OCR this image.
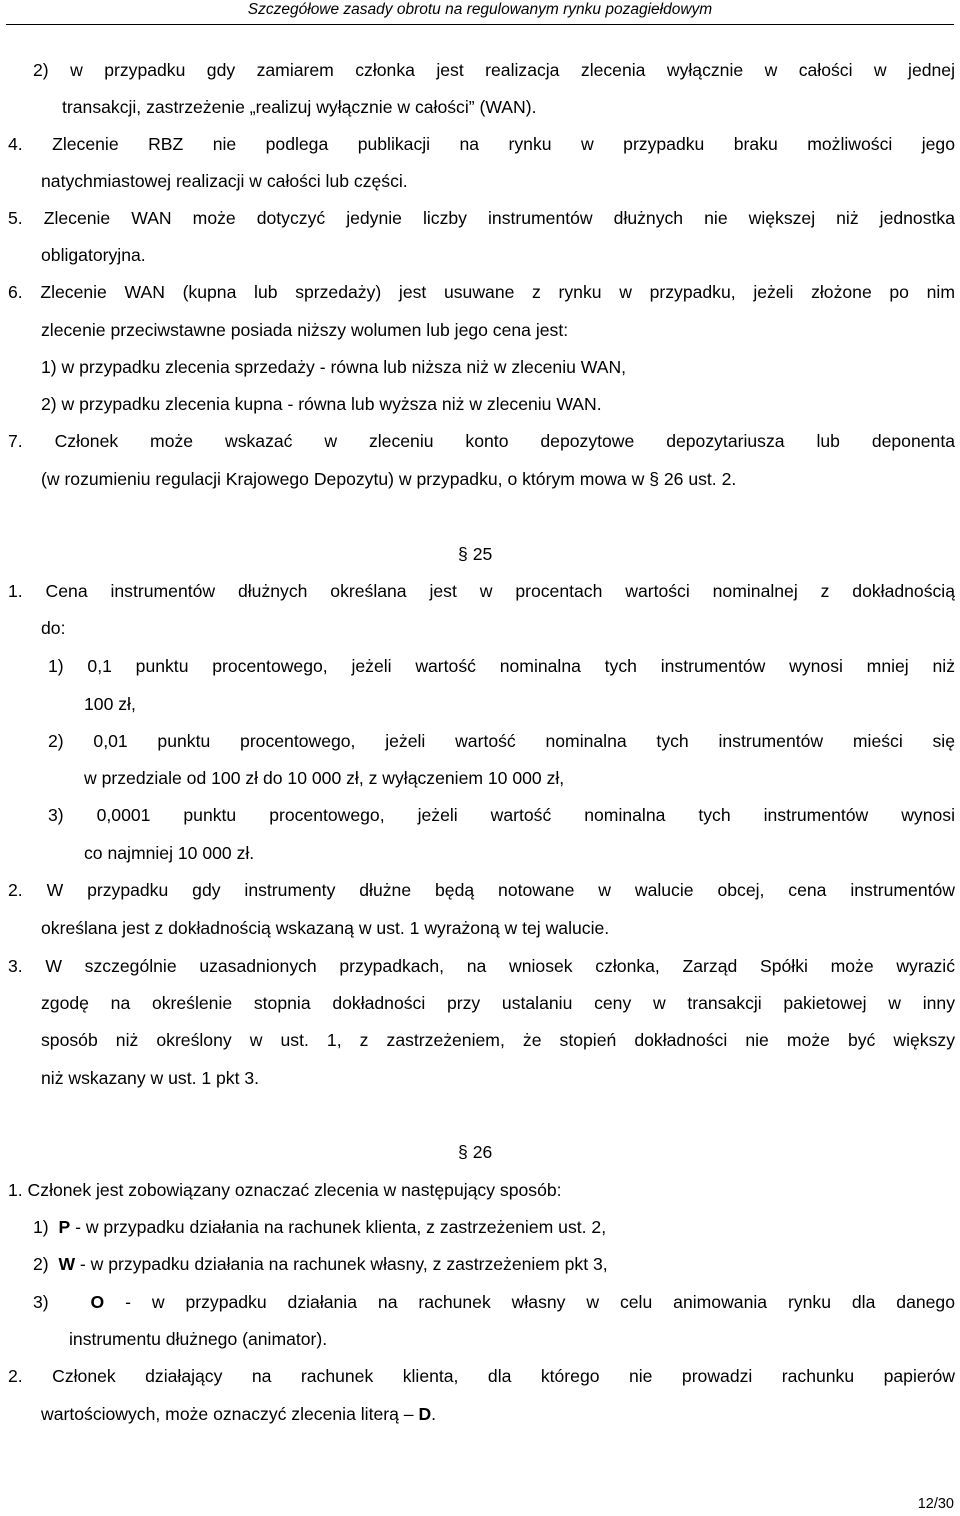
Szczegółowe zasady obrotu na regulowanym rynku pozagiełdowym
2) w przypadku gdy zamiarem członka jest realizacja zlecenia wyłącznie w całości w jednej
transakcji, zastrzeżenie „realizuj wyłącznie w całości” (WAN).
4. Zlecenie RBZ nie podlega publikacji na rynku w przypadku braku możliwości jego
natychmiastowej realizacji w całości lub części.
5. Zlecenie WAN może dotyczyć jedynie liczby instrumentów dłużnych nie większej niż jednostka
obligatoryjna.
6. Zlecenie WAN (kupna lub sprzedaży) jest usuwane z rynku w przypadku, jeżeli złożone po nim
zlecenie przeciwstawne posiada niższy wolumen lub jego cena jest:
1) w przypadku zlecenia sprzedaży - równa lub niższa niż w zleceniu WAN,
2) w przypadku zlecenia kupna - równa lub wyższa niż w zleceniu WAN.
7. Członek może wskazać w zleceniu konto depozytowe depozytariusza lub deponenta
(w rozumieniu regulacji Krajowego Depozytu) w przypadku, o którym mowa w § 26 ust. 2.
§ 25
1. Cena instrumentów dłużnych określana jest w procentach wartości nominalnej z dokładnością
do:
1) 0,1 punktu procentowego, jeżeli wartość nominalna tych instrumentów wynosi mniej niż
100 zł,
2) 0,01 punktu procentowego, jeżeli wartość nominalna tych instrumentów mieści się
w przedziale od 100 zł do 10 000 zł, z wyłączeniem 10 000 zł,
3) 0,0001 punktu procentowego, jeżeli wartość nominalna tych instrumentów wynosi
co najmniej 10 000 zł.
2. W przypadku gdy instrumenty dłużne będą notowane w walucie obcej, cena instrumentów
określana jest z dokładnością wskazaną w ust. 1 wyrażoną w tej walucie.
3. W szczególnie uzasadnionych przypadkach, na wniosek członka, Zarząd Spółki może wyrazić
zgodę na określenie stopnia dokładności przy ustalaniu ceny w transakcji pakietowej w inny
sposób niż określony w ust. 1, z zastrzeżeniem, że stopień dokładności nie może być większy
niż wskazany w ust. 1 pkt 3.
§ 26
1. Członek jest zobowiązany oznaczać zlecenia w następujący sposób:
1) P - w przypadku działania na rachunek klienta, z zastrzeżeniem ust. 2,
2) W - w przypadku działania na rachunek własny, z zastrzeżeniem pkt 3,
3) O - w przypadku działania na rachunek własny w celu animowania rynku dla danego
instrumentu dłużnego (animator).
2. Członek działający na rachunek klienta, dla którego nie prowadzi rachunku papierów
wartościowych, może oznaczyć zlecenia literą – D.
12/30
